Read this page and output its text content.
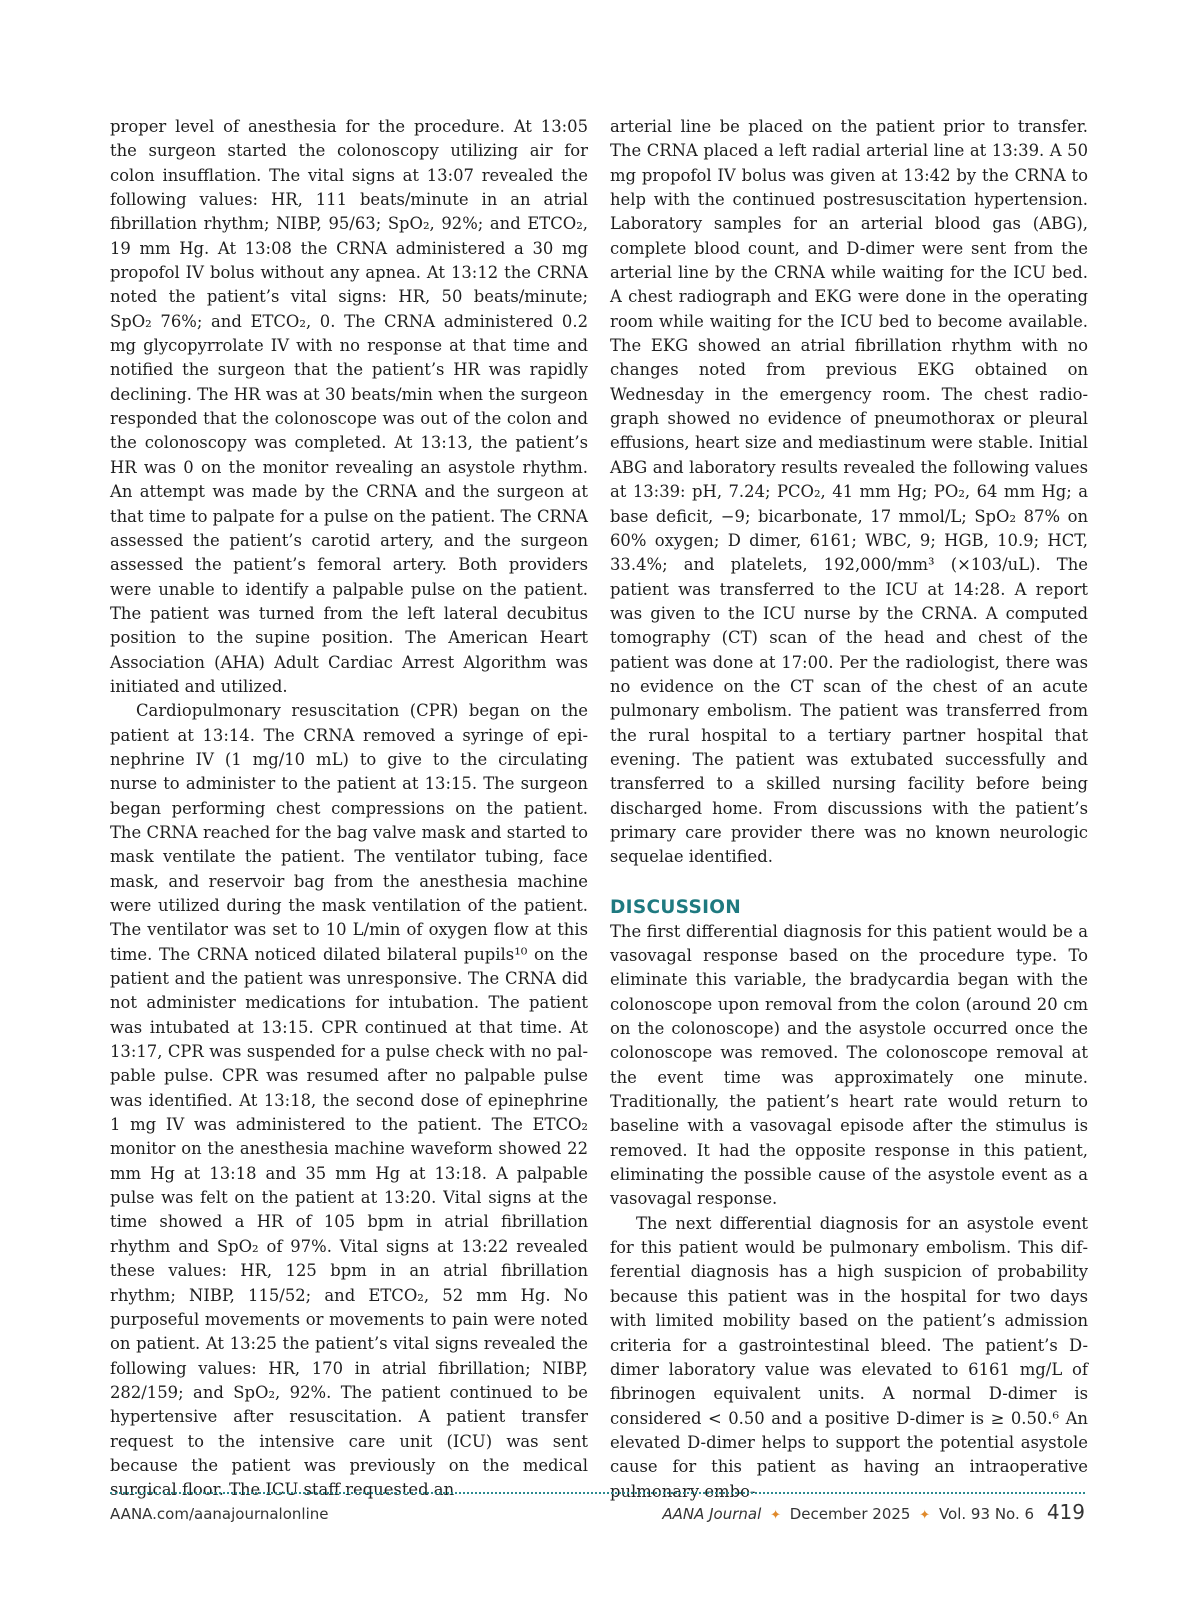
proper level of anesthesia for the procedure. At 13:05 the surgeon started the colonoscopy utilizing air for colon insufflation. The vital signs at 13:07 revealed the following values: HR, 111 beats/minute in an atrial fibrillation rhythm; NIBP, 95/63; SpO₂, 92%; and ETCO₂, 19 mm Hg. At 13:08 the CRNA administered a 30 mg propofol IV bolus without any apnea. At 13:12 the CRNA noted the patient’s vital signs: HR, 50 beats/minute; SpO₂ 76%; and ETCO₂, 0. The CRNA administered 0.2 mg glycopyrrolate IV with no response at that time and notified the surgeon that the patient’s HR was rapidly declining. The HR was at 30 beats/min when the surgeon responded that the colonoscope was out of the colon and the colonoscopy was completed. At 13:13, the patient’s HR was 0 on the monitor revealing an asystole rhythm. An attempt was made by the CRNA and the surgeon at that time to palpate for a pulse on the patient. The CRNA assessed the patient’s carotid artery, and the surgeon assessed the patient’s femoral artery. Both providers were unable to identify a palpable pulse on the patient. The patient was turned from the left lateral decubitus position to the supine position. The American Heart Association (AHA) Adult Cardiac Arrest Algorithm was initiated and utilized.

Cardiopulmonary resuscitation (CPR) began on the patient at 13:14. The CRNA removed a syringe of epinephrine IV (1 mg/10 mL) to give to the circulating nurse to administer to the patient at 13:15. The surgeon began performing chest compressions on the patient. The CRNA reached for the bag valve mask and started to mask ventilate the patient. The ventilator tubing, face mask, and reservoir bag from the anesthesia machine were utilized during the mask ventilation of the patient. The ventilator was set to 10 L/min of oxygen flow at this time. The CRNA noticed dilated bilateral pupils¹⁰ on the patient and the patient was unresponsive. The CRNA did not administer medications for intubation. The patient was intubated at 13:15. CPR continued at that time. At 13:17, CPR was suspended for a pulse check with no palpable pulse. CPR was resumed after no palpable pulse was identified. At 13:18, the second dose of epinephrine 1 mg IV was administered to the patient. The ETCO₂ monitor on the anesthesia machine waveform showed 22 mm Hg at 13:18 and 35 mm Hg at 13:18. A palpable pulse was felt on the patient at 13:20. Vital signs at the time showed a HR of 105 bpm in atrial fibrillation rhythm and SpO₂ of 97%. Vital signs at 13:22 revealed these values: HR, 125 bpm in an atrial fibrillation rhythm; NIBP, 115/52; and ETCO₂, 52 mm Hg. No purposeful movements or movements to pain were noted on patient. At 13:25 the patient’s vital signs revealed the following values: HR, 170 in atrial fibrillation; NIBP, 282/159; and SpO₂, 92%. The patient continued to be hypertensive after resuscitation. A patient transfer request to the intensive care unit (ICU) was sent because the patient was previously on the medical surgical floor. The ICU staff requested an

arterial line be placed on the patient prior to transfer. The CRNA placed a left radial arterial line at 13:39. A 50 mg propofol IV bolus was given at 13:42 by the CRNA to help with the continued postresuscitation hypertension. Laboratory samples for an arterial blood gas (ABG), complete blood count, and D-dimer were sent from the arterial line by the CRNA while waiting for the ICU bed. A chest radiograph and EKG were done in the operating room while waiting for the ICU bed to become available. The EKG showed an atrial fibrillation rhythm with no changes noted from previous EKG obtained on Wednesday in the emergency room. The chest radiograph showed no evidence of pneumothorax or pleural effusions, heart size and mediastinum were stable. Initial ABG and laboratory results revealed the following values at 13:39: pH, 7.24; PCO₂, 41 mm Hg; PO₂, 64 mm Hg; a base deficit, −9; bicarbonate, 17 mmol/L; SpO₂ 87% on 60% oxygen; D dimer, 6161; WBC, 9; HGB, 10.9; HCT, 33.4%; and platelets, 192,000/mm³ (×103/uL). The patient was transferred to the ICU at 14:28. A report was given to the ICU nurse by the CRNA. A computed tomography (CT) scan of the head and chest of the patient was done at 17:00. Per the radiologist, there was no evidence on the CT scan of the chest of an acute pulmonary embolism. The patient was transferred from the rural hospital to a tertiary partner hospital that evening. The patient was extubated successfully and transferred to a skilled nursing facility before being discharged home. From discussions with the patient’s primary care provider there was no known neurologic sequelae identified.

DISCUSSION

The first differential diagnosis for this patient would be a vasovagal response based on the procedure type. To eliminate this variable, the bradycardia began with the colonoscope upon removal from the colon (around 20 cm on the colonoscope) and the asystole occurred once the colonoscope was removed. The colonoscope removal at the event time was approximately one minute. Traditionally, the patient’s heart rate would return to baseline with a vasovagal episode after the stimulus is removed. It had the opposite response in this patient, eliminating the possible cause of the asystole event as a vasovagal response.

The next differential diagnosis for an asystole event for this patient would be pulmonary embolism. This differential diagnosis has a high suspicion of probability because this patient was in the hospital for two days with limited mobility based on the patient’s admission criteria for a gastrointestinal bleed. The patient’s D-dimer laboratory value was elevated to 6161 mg/L of fibrinogen equivalent units. A normal D-dimer is considered < 0.50 and a positive D-dimer is ≥ 0.50.⁶ An elevated D-dimer helps to support the potential asystole cause for this patient as having an intraoperative pulmonary embo-

AANA.com/aanajournalonline	AANA Journal ✦ December 2025 ✦ Vol. 93 No. 6 419
